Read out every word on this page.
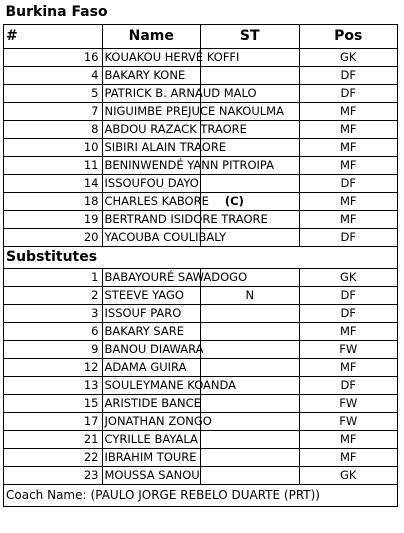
Burkina Faso			
#	Name	ST	Pos
16	KOUAKOU HERVÉ KOFFI		GK
4	BAKARY KONE		DF
5	PATRICK B. ARNAUD MALO		DF
7	NIGUIMBE PREJUCE NAKOULMA		MF
8	ABDOU RAZACK TRAORE		MF
10	SIBIRI ALAIN TRAORE		MF
11	BENINWENDÉ YANN PITROIPA		MF
14	ISSOUFOU DAYO		DF
18	CHARLES KABORE (C)		MF
19	BERTRAND ISIDORE TRAORE		MF
20	YACOUBA COULIBALY		DF
Substitutes			
1	BABAYOURÉ SAWADOGO		GK
2	STEEVE YAGO	N	DF
3	ISSOUF PARO		DF
6	BAKARY SARE		MF
9	BANOU DIAWARA		FW
12	ADAMA GUIRA		MF
13	SOULEYMANE KOANDA		DF
15	ARISTIDE BANCE		FW
17	JONATHAN ZONGO		FW
21	CYRILLE BAYALA		MF
22	IBRAHIM TOURE		MF
23	MOUSSA SANOU		GK
Coach Name: (PAULO JORGE REBELO DUARTE (PRT))			
